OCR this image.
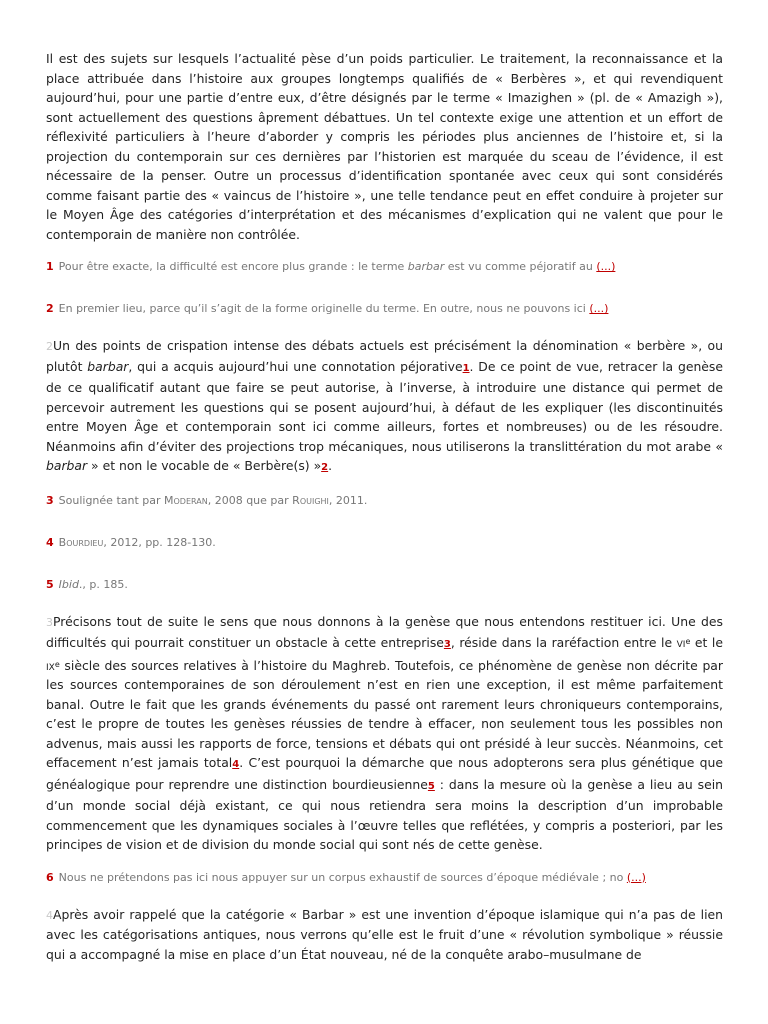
Il est des sujets sur lesquels l’actualité pèse d’un poids particulier. Le traitement, la reconnaissance et la place attribuée dans l’histoire aux groupes longtemps qualifiés de « Berbères », et qui revendiquent aujourd’hui, pour une partie d’entre eux, d’être désignés par le terme « Imazighen » (pl. de « Amazigh »), sont actuellement des questions âprement débattues. Un tel contexte exige une attention et un effort de réflexivité particuliers à l’heure d’aborder y compris les périodes plus anciennes de l’histoire et, si la projection du contemporain sur ces dernières par l’historien est marquée du sceau de l’évidence, il est nécessaire de la penser. Outre un processus d’identification spontanée avec ceux qui sont considérés comme faisant partie des « vaincus de l’histoire », une telle tendance peut en effet conduire à projeter sur le Moyen Âge des catégories d’interprétation et des mécanismes d’explication qui ne valent que pour le contemporain de manière non contrôlée.

1 Pour être exacte, la difficulté est encore plus grande : le terme barbar est vu comme péjoratif au (...)

2 En premier lieu, parce qu’il s’agit de la forme originelle du terme. En outre, nous ne pouvons ici (...)

2Un des points de crispation intense des débats actuels est précisément la dénomination « berbère », ou plutôt barbar, qui a acquis aujourd’hui une connotation péjorative1. De ce point de vue, retracer la genèse de ce qualificatif autant que faire se peut autorise, à l’inverse, à introduire une distance qui permet de percevoir autrement les questions qui se posent aujourd’hui, à défaut de les expliquer (les discontinuités entre Moyen Âge et contemporain sont ici comme ailleurs, fortes et nombreuses) ou de les résoudre. Néanmoins afin d’éviter des projections trop mécaniques, nous utiliserons la translittération du mot arabe « barbar » et non le vocable de « Berbère(s) »2.

3 Soulignée tant par Moderan, 2008 que par Rouighi, 2011.

4 Bourdieu, 2012, pp. 128-130.

5 Ibid., p. 185.

3Précisons tout de suite le sens que nous donnons à la genèse que nous entendons restituer ici. Une des difficultés qui pourrait constituer un obstacle à cette entreprise3, réside dans la raréfaction entre le $vi^e$ et le $ix^e$ siècle des sources relatives à l’histoire du Maghreb. Toutefois, ce phénomène de genèse non décrite par les sources contemporaines de son déroulement n’est en rien une exception, il est même parfaitement banal. Outre le fait que les grands événements du passé ont rarement leurs chroniqueurs contemporains, c’est le propre de toutes les genèses réussies de tendre à effacer, non seulement tous les possibles non advenus, mais aussi les rapports de force, tensions et débats qui ont présidé à leur succès. Néanmoins, cet effacement n’est jamais total4. C’est pourquoi la démarche que nous adopterons sera plus génétique que généalogique pour reprendre une distinction bourdieusienne5 : dans la mesure où la genèse a lieu au sein d’un monde social déjà existant, ce qui nous retiendra sera moins la description d’un improbable commencement que les dynamiques sociales à l’œuvre telles que reflétées, y compris a posteriori, par les principes de vision et de division du monde social qui sont nés de cette genèse.

6 Nous ne prétendons pas ici nous appuyer sur un corpus exhaustif de sources d’époque médiévale ; no (...)

4Après avoir rappelé que la catégorie « Barbar » est une invention d’époque islamique qui n’a pas de lien avec les catégorisations antiques, nous verrons qu’elle est le fruit d’une « révolution symbolique » réussie qui a accompagné la mise en place d’un État nouveau, né de la conquête arabo–musulmane de
